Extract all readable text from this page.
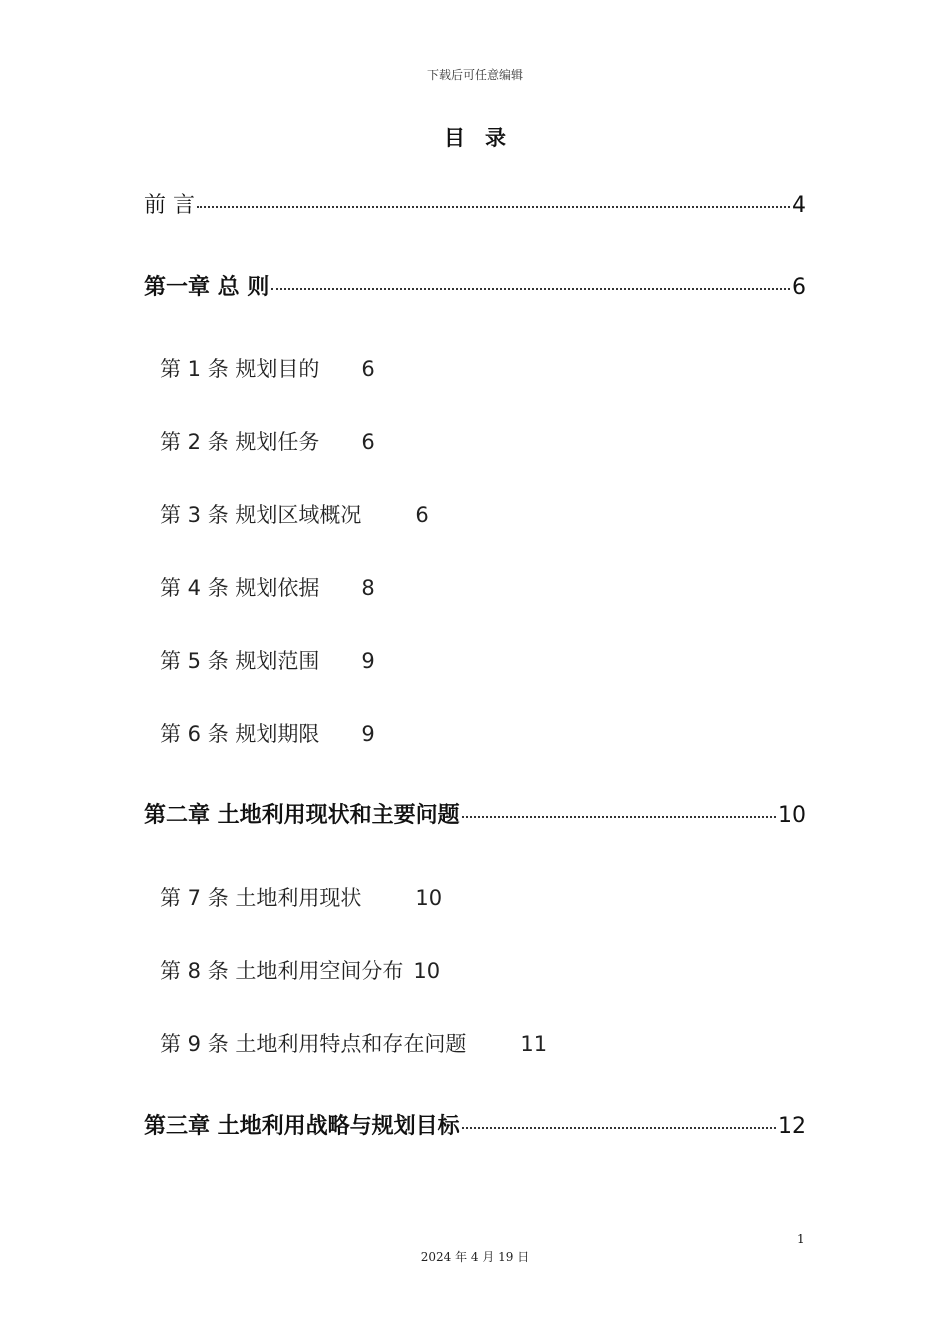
下载后可任意编辑
目录
前 言	4
第一章 总 则	6
第 1 条 规划目的 6
第 2 条 规划任务 6
第 3 条 规划区域概况	6
第 4 条 规划依据 8
第 5 条 规划范围 9
第 6 条 规划期限 9
第二章 土地利用现状和主要问题	10
第 7 条 土地利用现状	10
第 8 条 土地利用空间分布 10
第 9 条 土地利用特点和存在问题	11
第三章 土地利用战略与规划目标	12
1
2024 年 4 月 19 日
